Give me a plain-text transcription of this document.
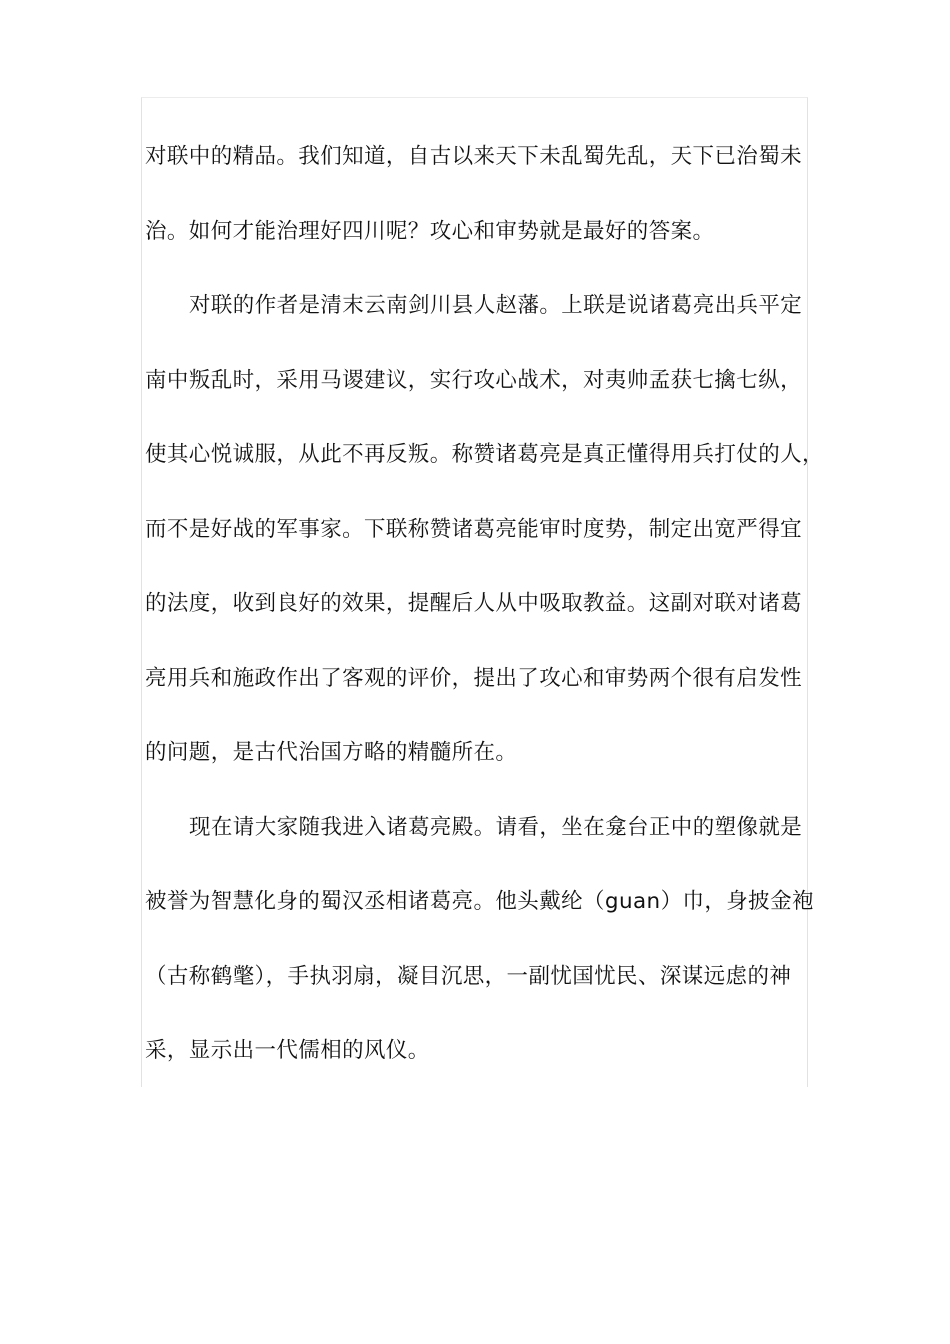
对联中的精品。我们知道，自古以来天下未乱蜀先乱，天下已治蜀未
治。如何才能治理好四川呢？攻心和审势就是最好的答案。

对联的作者是清末云南剑川县人赵藩。上联是说诸葛亮出兵平定
南中叛乱时，采用马谡建议，实行攻心战术，对夷帅孟获七擒七纵，
使其心悦诚服，从此不再反叛。称赞诸葛亮是真正懂得用兵打仗的人，
而不是好战的军事家。下联称赞诸葛亮能审时度势，制定出宽严得宜
的法度，收到良好的效果，提醒后人从中吸取教益。这副对联对诸葛
亮用兵和施政作出了客观的评价，提出了攻心和审势两个很有启发性
的问题，是古代治国方略的精髓所在。

现在请大家随我进入诸葛亮殿。请看，坐在龛台正中的塑像就是
被誉为智慧化身的蜀汉丞相诸葛亮。他头戴纶（guan）巾，身披金袍
（古称鹤氅），手执羽扇，凝目沉思，一副忧国忧民、深谋远虑的神
采，显示出一代儒相的风仪。
